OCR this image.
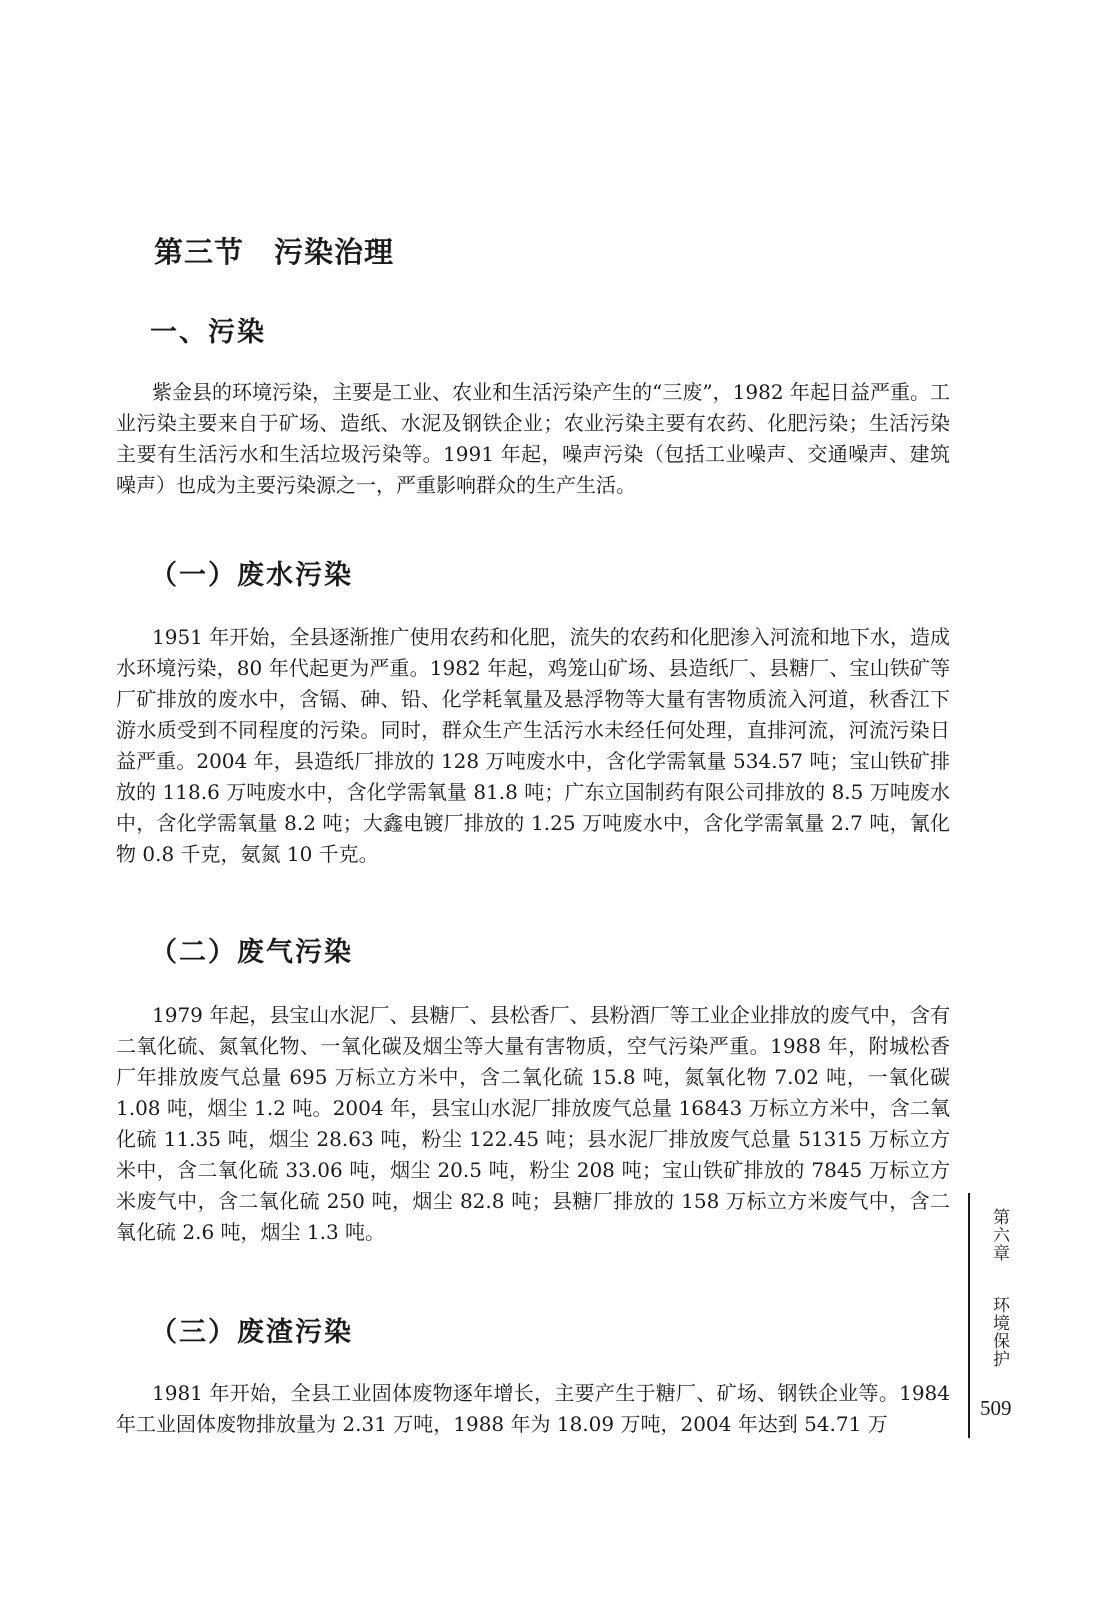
第三节　污染治理
一、污染

紫金县的环境污染，主要是工业、农业和生活污染产生的“三废”，1982 年起日益严重。工业污染主要来自于矿场、造纸、水泥及钢铁企业；农业污染主要有农药、化肥污染；生活污染主要有生活污水和生活垃圾污染等。1991 年起，噪声污染（包括工业噪声、交通噪声、建筑噪声）也成为主要污染源之一，严重影响群众的生产生活。

（一）废水污染

1951 年开始，全县逐渐推广使用农药和化肥，流失的农药和化肥渗入河流和地下水，造成水环境污染，80 年代起更为严重。1982 年起，鸡笼山矿场、县造纸厂、县糖厂、宝山铁矿等厂矿排放的废水中，含镉、砷、铅、化学耗氧量及悬浮物等大量有害物质流入河道，秋香江下游水质受到不同程度的污染。同时，群众生产生活污水未经任何处理，直排河流，河流污染日益严重。2004 年，县造纸厂排放的 128 万吨废水中，含化学需氧量 534.57 吨；宝山铁矿排放的 118.6 万吨废水中，含化学需氧量 81.8 吨；广东立国制药有限公司排放的 8.5 万吨废水中，含化学需氧量 8.2 吨；大鑫电镀厂排放的 1.25 万吨废水中，含化学需氧量 2.7 吨，氰化物 0.8 千克，氨氮 10 千克。

（二）废气污染

1979 年起，县宝山水泥厂、县糖厂、县松香厂、县粉酒厂等工业企业排放的废气中，含有二氧化硫、氮氧化物、一氧化碳及烟尘等大量有害物质，空气污染严重。1988 年，附城松香厂年排放废气总量 695 万标立方米中，含二氧化硫 15.8 吨，氮氧化物 7.02 吨，一氧化碳 1.08 吨，烟尘 1.2 吨。2004 年，县宝山水泥厂排放废气总量 16843 万标立方米中，含二氧化硫 11.35 吨，烟尘 28.63 吨，粉尘 122.45 吨；县水泥厂排放废气总量 51315 万标立方米中，含二氧化硫 33.06 吨，烟尘 20.5 吨，粉尘 208 吨；宝山铁矿排放的 7845 万标立方米废气中，含二氧化硫 250 吨，烟尘 82.8 吨；县糖厂排放的 158 万标立方米废气中，含二氧化硫 2.6 吨，烟尘 1.3 吨。

（三）废渣污染

1981 年开始，全县工业固体废物逐年增长，主要产生于糖厂、矿场、钢铁企业等。1984 年工业固体废物排放量为 2.31 万吨，1988 年为 18.09 万吨，2004 年达到 54.71 万

第六章
环境保护
509
